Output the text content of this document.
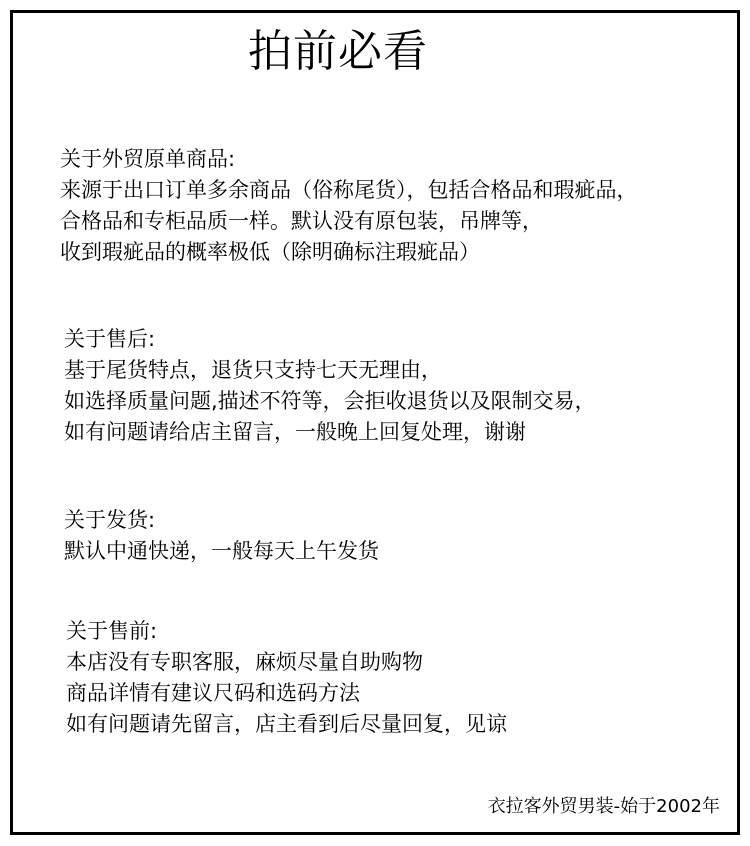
拍前必看
关于外贸原单商品:
来源于出口订单多余商品（俗称尾货），包括合格品和瑕疵品，
合格品和专柜品质一样。默认没有原包装，吊牌等，
收到瑕疵品的概率极低（除明确标注瑕疵品）
关于售后:
基于尾货特点，退货只支持七天无理由，
如选择质量问题,描述不符等，会拒收退货以及限制交易，
如有问题请给店主留言，一般晚上回复处理，谢谢
关于发货:
默认中通快递，一般每天上午发货
关于售前:
本店没有专职客服，麻烦尽量自助购物
商品详情有建议尺码和选码方法
如有问题请先留言，店主看到后尽量回复，见谅
衣拉客外贸男装-始于2002年
